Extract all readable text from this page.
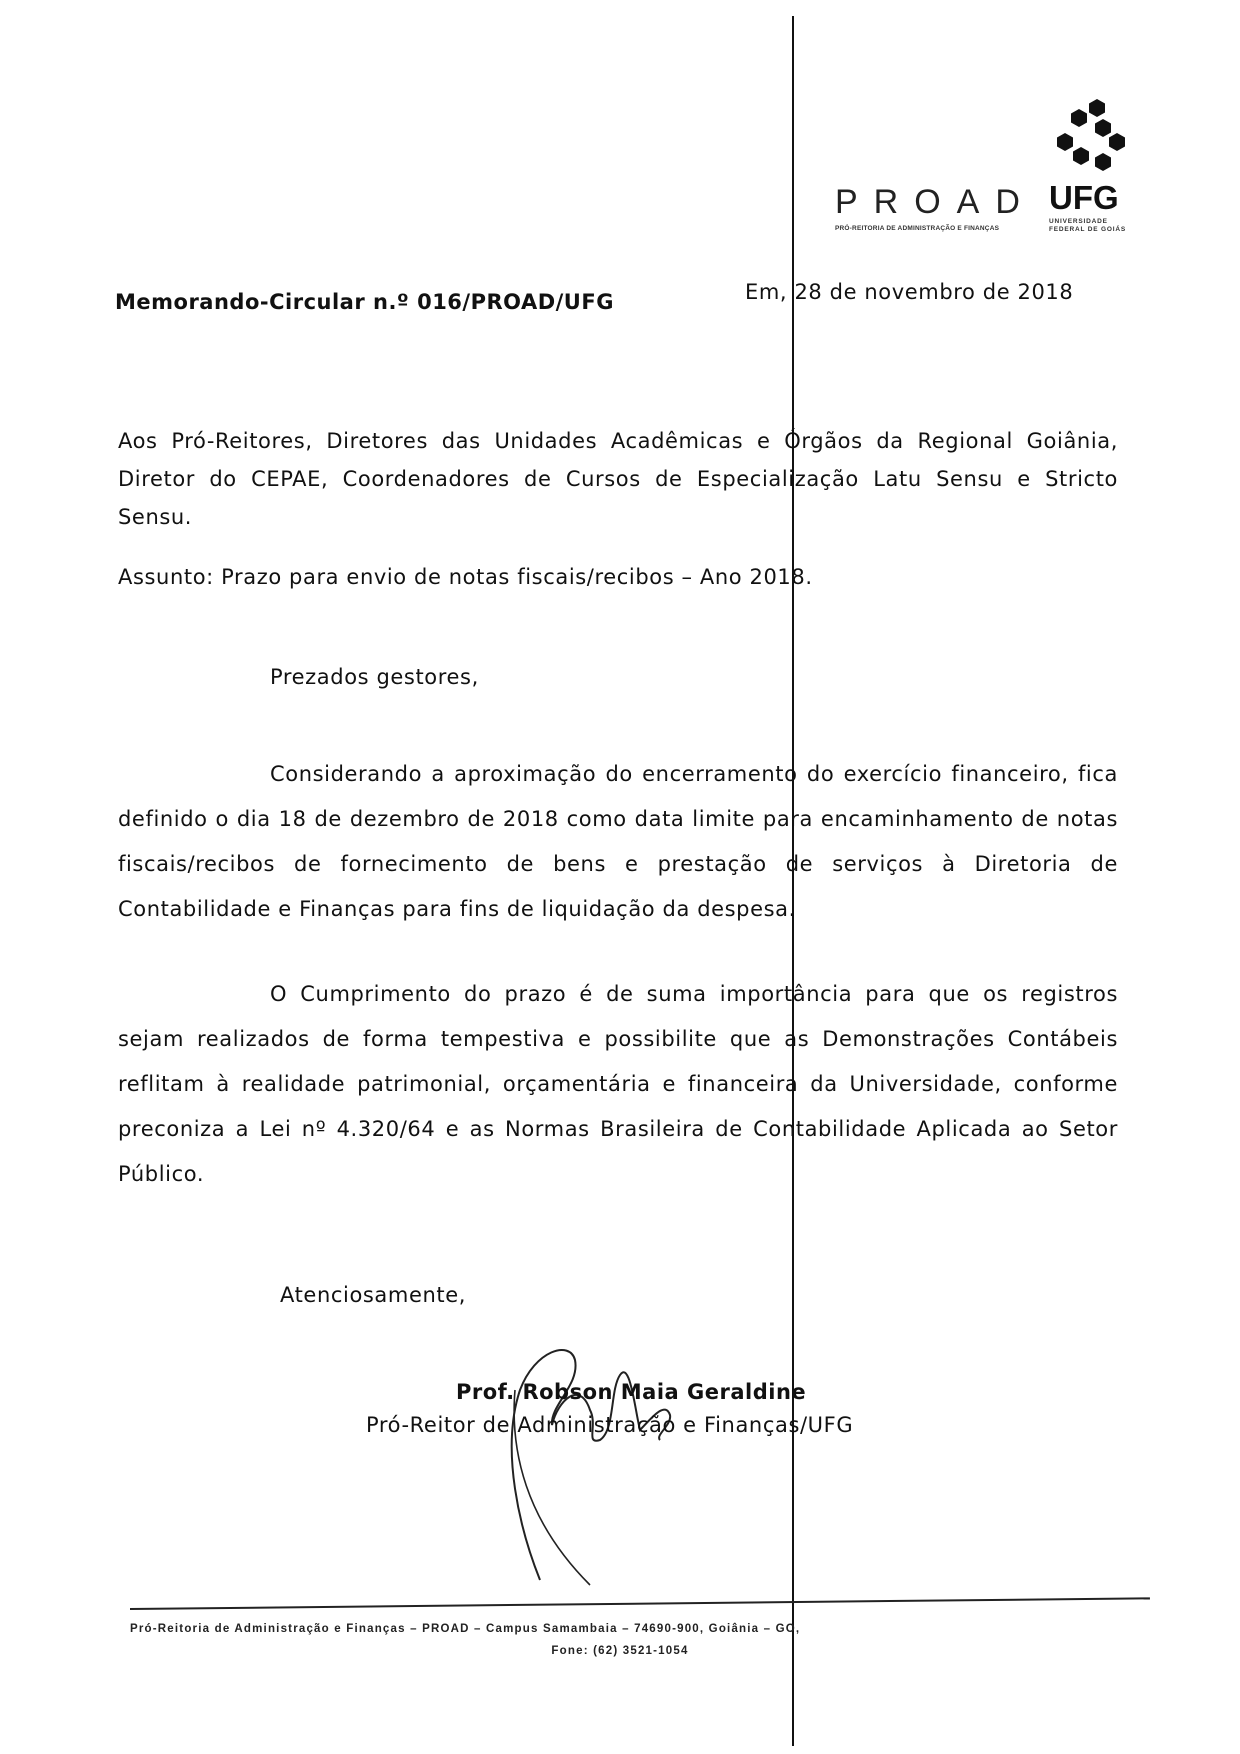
PROAD
PRÓ-REITORIA DE ADMINISTRAÇÃO E FINANÇAS
UFG
UNIVERSIDADE
FEDERAL DE GOIÁS
Memorando-Circular n.º 016/PROAD/UFG	Em, 28 de novembro de 2018
Aos Pró-Reitores, Diretores das Unidades Acadêmicas e Órgãos da Regional Goiânia, Diretor do CEPAE, Coordenadores de Cursos de Especialização Latu Sensu e Stricto Sensu.
Assunto: Prazo para envio de notas fiscais/recibos – Ano 2018.
Prezados gestores,
Considerando a aproximação do encerramento do exercício financeiro, fica definido o dia 18 de dezembro de 2018 como data limite para encaminhamento de notas fiscais/recibos de fornecimento de bens e prestação de serviços à Diretoria de Contabilidade e Finanças para fins de liquidação da despesa.
O Cumprimento do prazo é de suma importância para que os registros sejam realizados de forma tempestiva e possibilite que as Demonstrações Contábeis reflitam à realidade patrimonial, orçamentária e financeira da Universidade, conforme preconiza a Lei nº 4.320/64 e as Normas Brasileira de Contabilidade Aplicada ao Setor Público.
Atenciosamente,
Prof. Robson Maia Geraldine
Pró-Reitor de Administração e Finanças/UFG
Pró-Reitoria de Administração e Finanças – PROAD – Campus Samambaia – 74690-900, Goiânia – GO,
Fone: (62) 3521-1054
